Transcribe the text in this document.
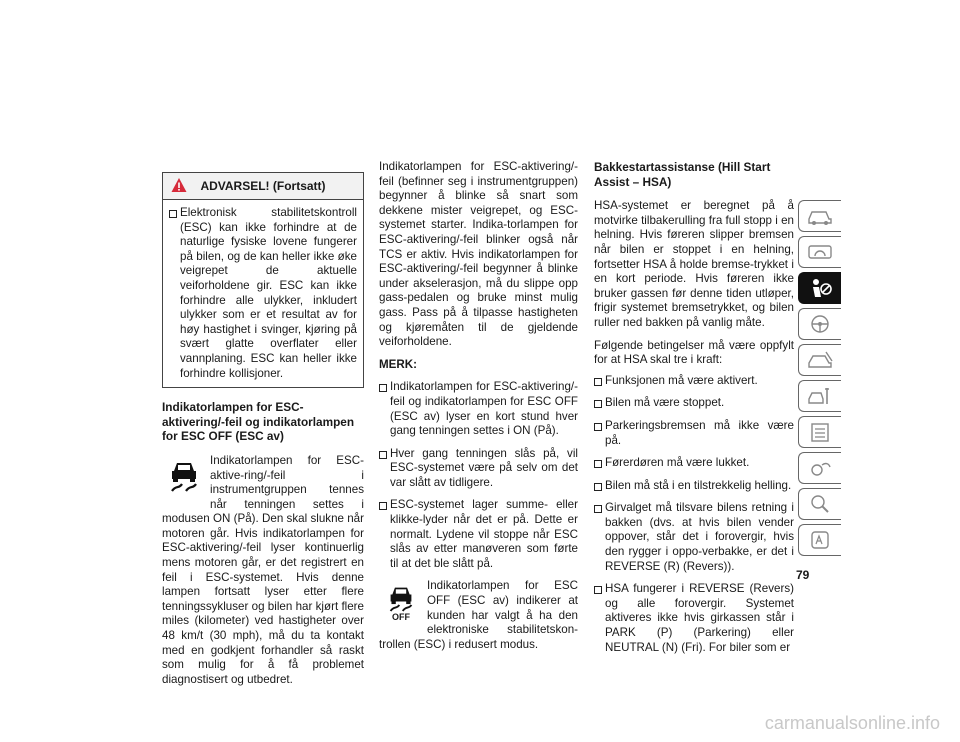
ADVARSEL! (Fortsatt)
Elektronisk stabilitetskontroll (ESC) kan ikke forhindre at de naturlige fysiske lovene fungerer på bilen, og de kan heller ikke øke veigrepet de aktuelle veiforholdene gir. ESC kan ikke forhindre alle ulykker, inkludert ulykker som er et resultat av for høy hastighet i svinger, kjøring på svært glatte overflater eller vannplaning. ESC kan heller ikke forhindre kollisjoner.
Indikatorlampen for ESC-aktivering/-feil og indikatorlampen for ESC OFF (ESC av)

Indikatorlampen for ESC-aktive-ring/-feil i instrumentgruppen tennes når tenningen settes i modusen ON (På). Den skal slukne når motoren går. Hvis indikatorlampen for ESC-aktivering/-feil lyser kontinuerlig mens motoren går, er det registrert en feil i ESC-systemet. Hvis denne lampen fortsatt lyser etter flere tenningssykluser og bilen har kjørt flere miles (kilometer) ved hastigheter over 48 km/t (30 mph), må du ta kontakt med en godkjent forhandler så raskt som mulig for å få problemet diagnostisert og utbedret.

Indikatorlampen for ESC-aktivering/-feil (befinner seg i instrumentgruppen) begynner å blinke så snart som dekkene mister veigrepet, og ESC-systemet starter. Indika-torlampen for ESC-aktivering/-feil blinker også når TCS er aktiv. Hvis indikatorlampen for ESC-aktivering/-feil begynner å blinke under akselerasjon, må du slippe opp gass-pedalen og bruke minst mulig gass. Pass på å tilpasse hastigheten og kjøremåten til de gjeldende veiforholdene.

MERK:
Indikatorlampen for ESC-aktivering/-feil og indikatorlampen for ESC OFF (ESC av) lyser en kort stund hver gang tenningen settes i ON (På).
Hver gang tenningen slås på, vil ESC-systemet være på selv om det var slått av tidligere.
ESC-systemet lager summe- eller klikke-lyder når det er på. Dette er normalt. Lydene vil stoppe når ESC slås av etter manøveren som førte til at det ble slått på.
OFF

Indikatorlampen for ESC OFF (ESC av) indikerer at kunden har valgt å ha den elektroniske stabilitetskon-trollen (ESC) i redusert modus.

Bakkestartassistanse (Hill Start Assist – HSA)

HSA-systemet er beregnet på å motvirke tilbakerulling fra full stopp i en helning. Hvis føreren slipper bremsen når bilen er stoppet i en helning, fortsetter HSA å holde bremse-trykket i en kort periode. Hvis føreren ikke bruker gassen før denne tiden utløper, frigir systemet bremsetrykket, og bilen ruller ned bakken på vanlig måte.

Følgende betingelser må være oppfylt for at HSA skal tre i kraft:

Funksjonen må være aktivert.
Bilen må være stoppet.
Parkeringsbremsen må ikke være på.
Førerdøren må være lukket.
Bilen må stå i en tilstrekkelig helling.
Girvalget må tilsvare bilens retning i bakken (dvs. at hvis bilen vender oppover, står det i forovergir, hvis den rygger i oppo-verbakke, er det i REVERSE (R) (Revers)).
HSA fungerer i REVERSE (Revers) og alle forovergir. Systemet aktiveres ikke hvis girkassen står i PARK (P) (Parkering) eller NEUTRAL (N) (Fri). For biler som er
79
carmanualsonline.info
